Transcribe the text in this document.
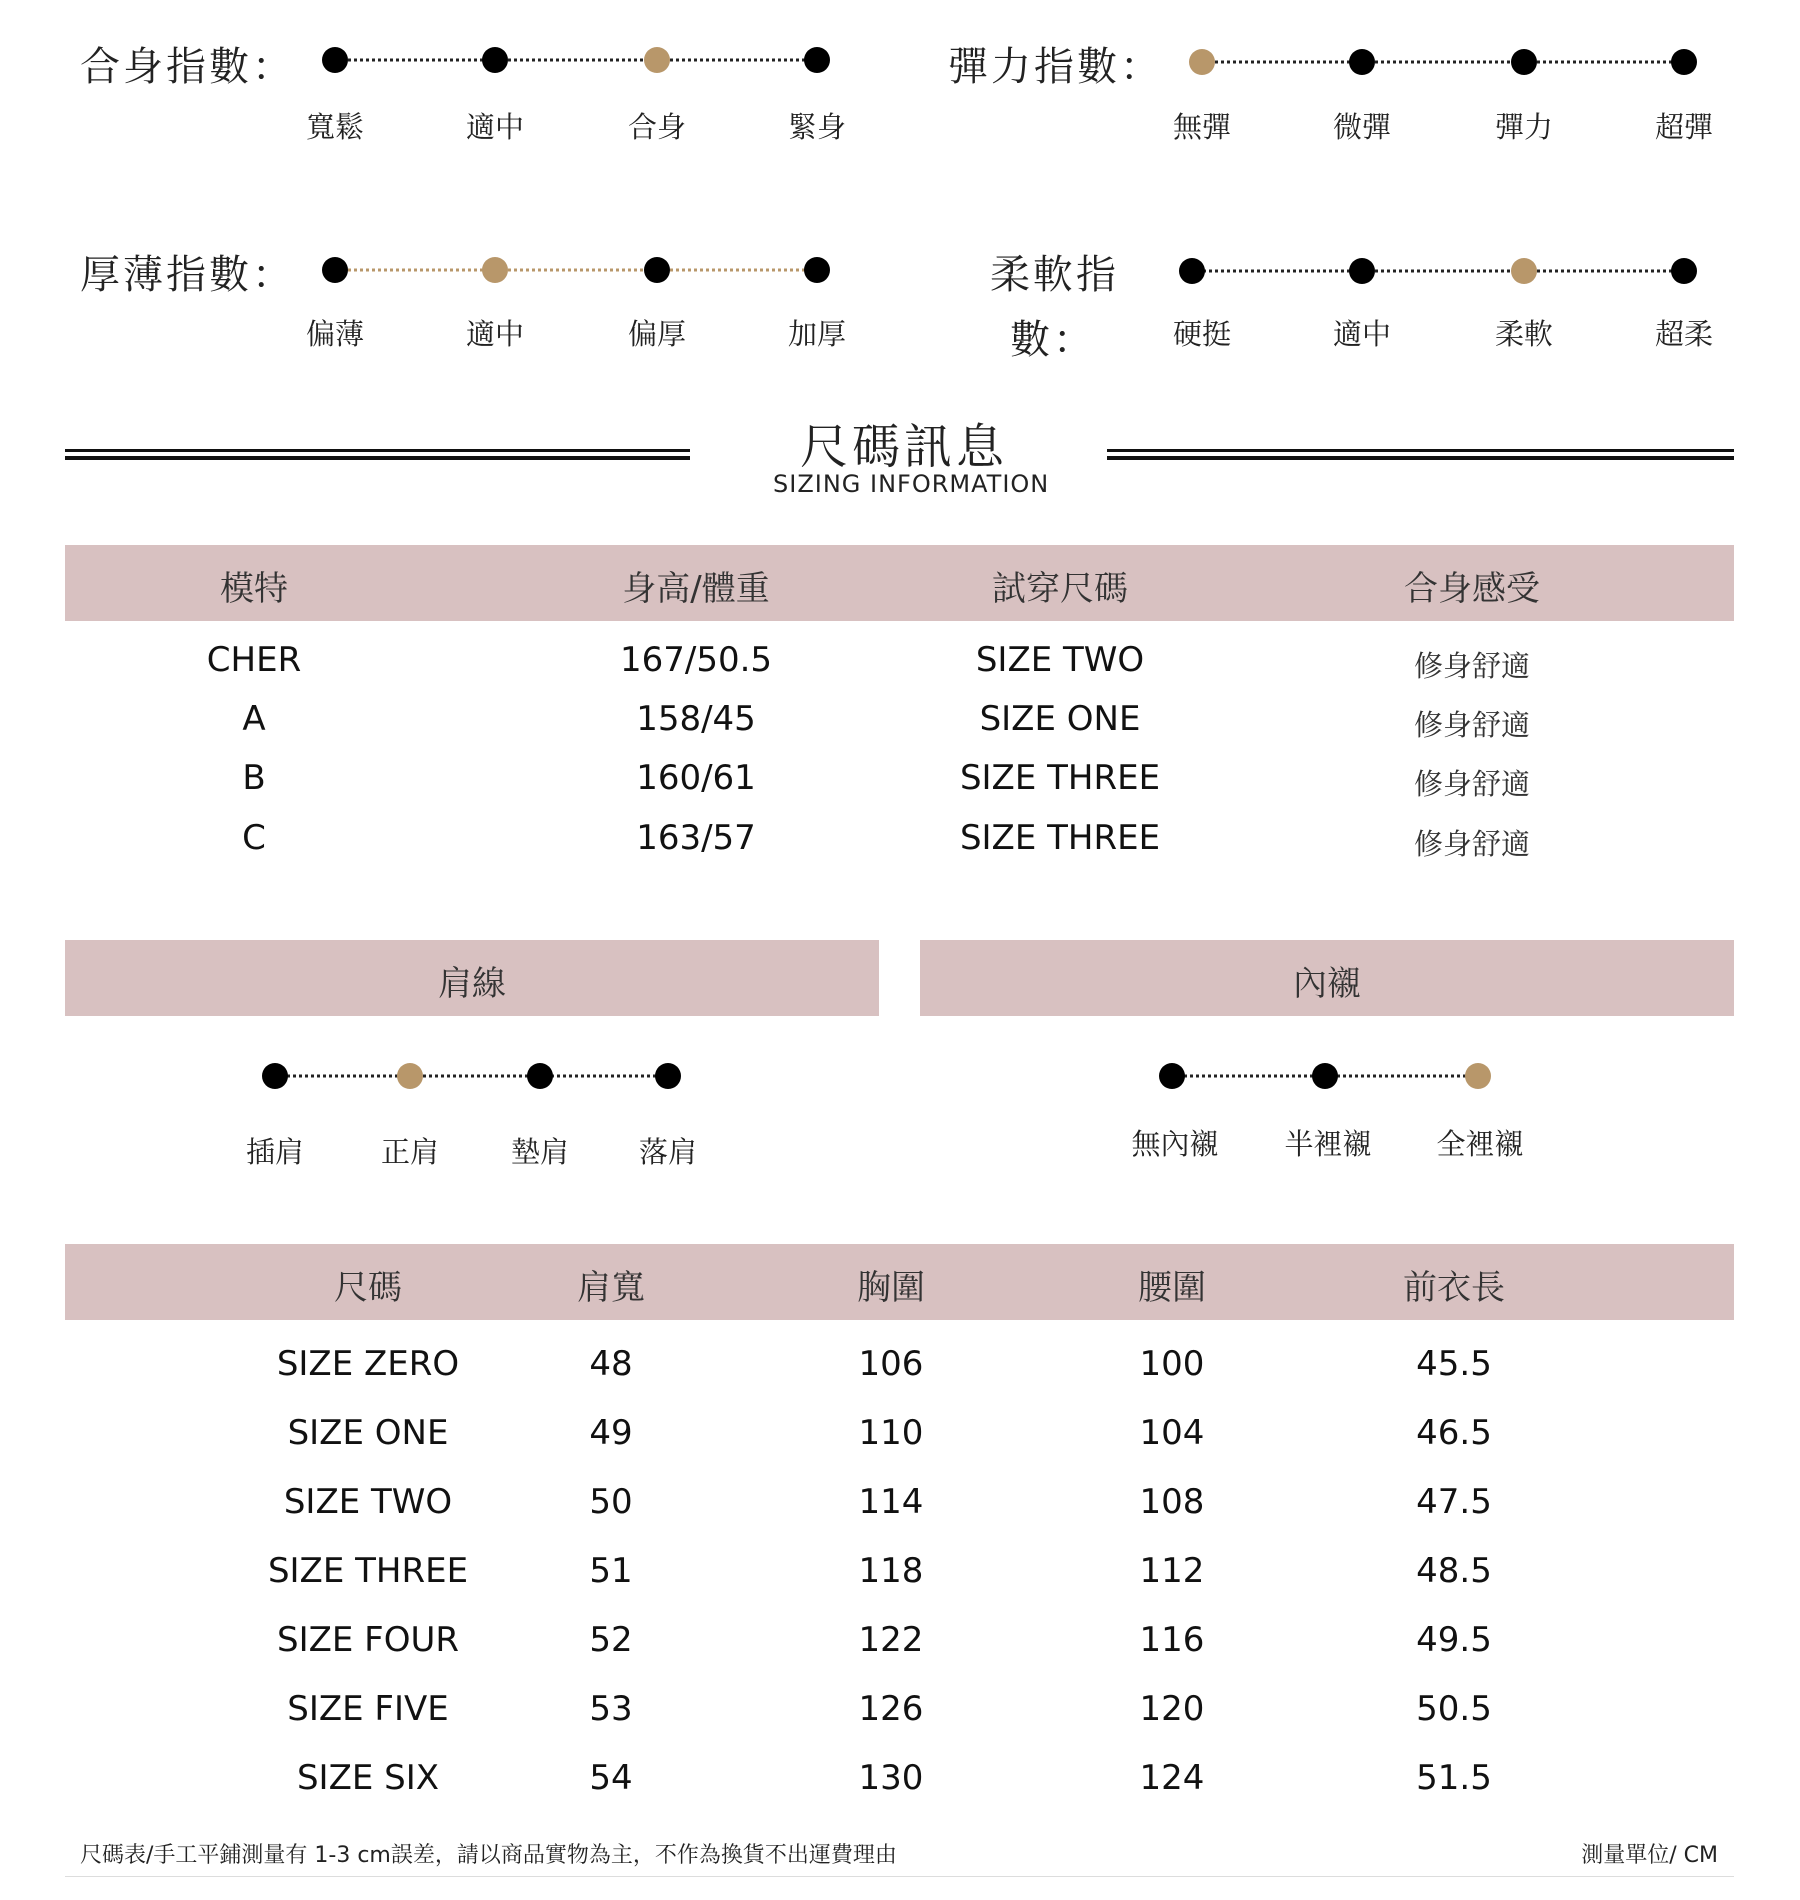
合身指數：
寬鬆	適中	合身	緊身
彈力指數：
無彈	微彈	彈力	超彈
厚薄指數：
偏薄	適中	偏厚	加厚
柔軟指
數：	硬挺	適中	柔軟	超柔
尺碼訊息
SIZING INFORMATION
模特	身高/體重	試穿尺碼	合身感受
CHER	167/50.5	SIZE TWO	修身舒適
A	158/45	SIZE ONE	修身舒適
B	160/61	SIZE THREE	修身舒適
C	163/57	SIZE THREE	修身舒適
肩線	內襯
插肩	正肩 墊肩 落肩	無內襯 半裡襯 全裡襯
尺碼	肩寬	胸圍	腰圍	前衣長
SIZE ZERO	48	106	100	45.5
SIZE ONE	49	110	104	46.5
SIZE TWO	50	114	108	47.5
SIZE THREE	51	118	112	48.5
SIZE FOUR	52	122	116	49.5
SIZE FIVE	53	126	120	50.5
SIZE SIX	54	130	124	51.5
尺碼表/手工平鋪測量有 1-3 cm誤差，請以商品實物為主，不作為換貨不出運費理由	測量單位/ CM
